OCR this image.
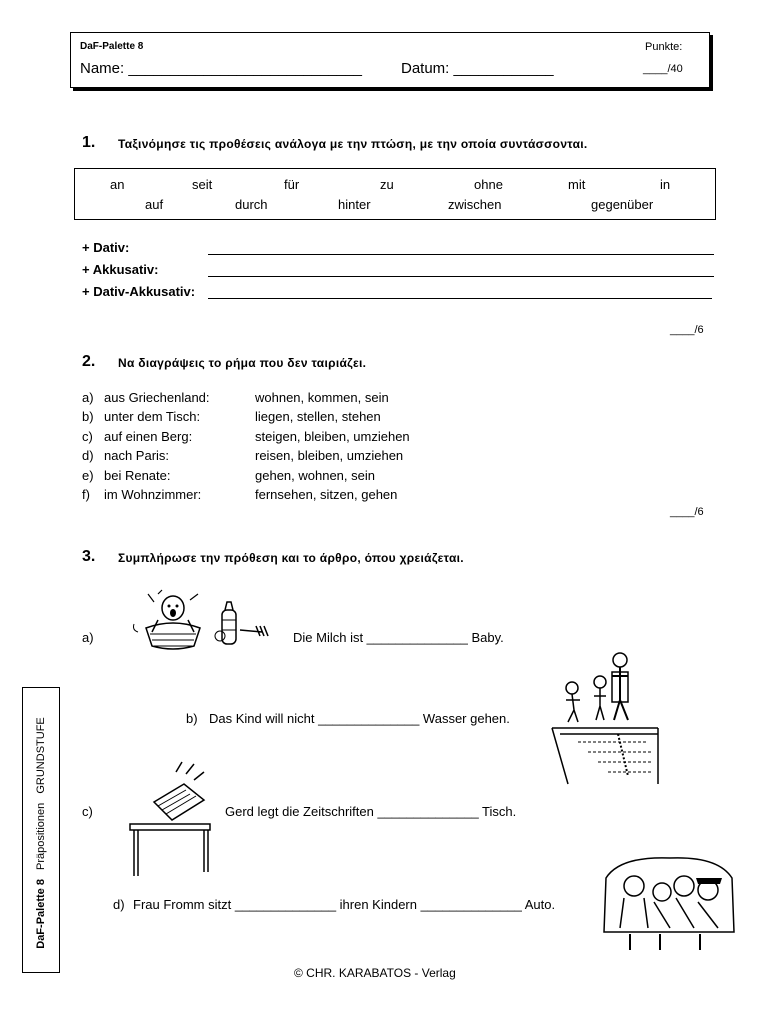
DaF-Palette 8	Punkte:
Name: ____________________________	Datum: ____________	____/40
1. Ταξινόμησε τις προθέσεις ανάλογα με την πτώση, με την οποία συντάσσονται.
an	seit	für	zu	ohne	mit	in
auf	durch	hinter	zwischen	gegenüber
+ Dativ:
+ Akkusativ:
+ Dativ-Akkusativ:
____/6
2. Να διαγράψεις το ρήμα που δεν ταιριάζει.
a) aus Griechenland:	wohnen, kommen, sein
b) unter dem Tisch:	liegen, stellen, stehen
c) auf einen Berg:	steigen, bleiben, umziehen
d) nach Paris:	reisen, bleiben, umziehen
e) bei Renate:	gehen, wohnen, sein
f) im Wohnzimmer:	fernsehen, sitzen, gehen
____/6
3. Συμπλήρωσε την πρόθεση και το άρθρο, όπου χρειάζεται.
a)	Die Milch ist ______________ Baby.
b) Das Kind will nicht ______________ Wasser gehen.
c)	Gerd legt die Zeitschriften ______________ Tisch.
d) Frau Fromm sitzt ______________ ihren Kindern ______________ Auto.
DaF-Palette 8 Präpositionen GRUNDSTUFE
© CHR. KARABATOS - Verlag
